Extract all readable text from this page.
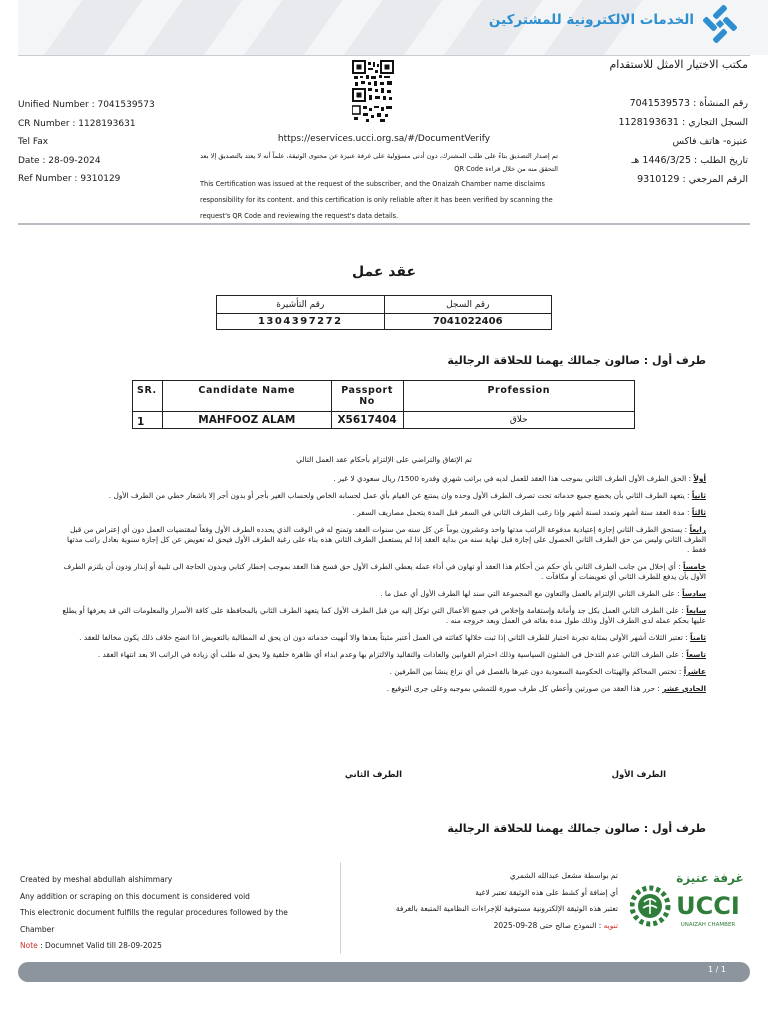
الخدمات الالكترونية للمشتركين
مكتب الاختيار الامثل للاستقدام
https://eservices.ucci.org.sa/#/DocumentVerify
تم إصدار التصديق بناءً على طلب المشترك، دون أدنى مسؤولية على غرفة عنيزة عن محتوى الوثيقة، علماً أنه لا يعتد بالتصديق إلا بعد التحقق منه من خلال قراءة QR Code
This Certification was issued at the request of the subscriber, and the Onaizah Chamber name disclaims responsibility for its content. and this certification is only reliable after it has been verified by scanning the request's QR Code and reviewing the request's data details.
Unified Number : 7041539573
CR Number : 1128193631
Tel Fax
Date : 28-09-2024
Ref Number : 9310129
رقم المنشأة : 7041539573
السجل التجاري : 1128193631
عنيزه- هاتف فاكس
تاريخ الطلب : 1446/3/25 هـ
الرقم المرجعي : 9310129
عقد عمل
رقم التأشيرة	رقم السجل
1304397272	7041022406
طرف أول : صالون جمالك يهمنا للحلاقة الرجالية
SR.	Candidate Name	Passport No	Profession
1	MAHFOOZ ALAM	X5617404	حلاق
تم الإتفاق والتراضي على الإلتزام بأحكام عقد العمل التالي
أولاً : الحق الطرف الأول الطرف الثاني بموجب هذا العقد للعمل لديه في براتب شهري وقدره 1500/ ريال سعودي لا غير .
ثانياً : يتعهد الطرف الثاني بأن يخضع جميع خدماته تحت تصرف الطرف الأول وحده وان يمتنع عن القيام بأي عمل لحسابه الخاص ولحساب الغير بأجر أو بدون أجر إلا باشعار خطي من الطرف الأول .
ثالثاً : مدة العقد سنة أشهر وتمدد لسنة أشهر وإذا رغب الطرف الثاني في السفر قبل المدة يتحمل مصاريف السفر .
رابعاً : يستحق الطرف الثاني إجازة إعتيادية مدفوعة الراتب مدتها واحد وعشرون يوماً عن كل سنه من سنوات العقد وتمنح له في الوقت الذي يحدده الطرف الأول وفقاً لمقتضيات العمل دون أي إعتراض من قبل الطرف الثاني وليس من حق الطرف الثاني الحصول على إجازة قبل نهاية سنه من بداية العقد إذا لم يستعمل الطرف الثاني هذه بناء على رغبة الطرف الأول فيحق له تعويض عن كل إجازة سنوية بعادل راتب مدتها فقط .
خامساً : أي إخلال من جانب الطرف الثاني بأي حكم من أحكام هذا العقد أو تهاون في أداء عمله يعطي الطرف الأول حق فسخ هذا العقد بموجب إخطار كتابي وبدون الحاجة الى تلبية أو إنذار ودون أن يلتزم الطرف الأول بأن يدفع للطرف الثاني أي تعويضات أو مكافآت .
سادساً : على الطرف الثاني الإلتزام بالعمل والتعاون مع المجموعة التي سند لها الطرف الأول أي عمل ما .
سابعاً : على الطرف الثاني العمل بكل جد وأمانة وإستقامة وإخلاص في جميع الأعمال التي توكل إليه من قبل الطرف الأول كما يتعهد الطرف الثاني بالمحافظة على كافة الأسرار والمعلومات التي قد يعرفها أو يطلع عليها بحكم عمله لدى الطرف الأول وذلك طول مدة بقائه في العمل وبعد خروجه منه .
ثامناً : تعتبر الثلاث أشهر الأولى بمثابة تجربة اختبار للطرف الثاني إذا ثبت خلالها كفائته في العمل أعتبر مثبتاً بعدها والا أنهيت خدماته دون ان يحق له المطالبة بالتعويض اذا اتضح خلاف ذلك يكون مخالفا للعقد .
تاسعاً : على الطرف الثاني عدم التدخل في الشئون السياسية وذلك احترام القوانين والعادات والتقاليد والالتزام بها وعدم ابداء أي ظاهرة خلقية ولا يحق له طلب أي زيادة في الراتب الا بعد انتهاء العقد .
عاشراً : تختص المحاكم والهيئات الحكومية السعودية دون غيرها بالفصل في أي نزاع ينشأ بين الطرفين .
الحادي عشر : حرر هذا العقد من صورتين وأعطي كل طرف صورة للتمشي بموجبه وعلى جرى التوقيع .
الطرف الأول
الطرف الثاني
طرف أول : صالون جمالك يهمنا للحلاقة الرجالية
Created by meshal abdullah alshimmary
Any addition or scraping on this document is considered void
This electronic document fulfills the regular procedures followed by the Chamber
Note : Documnet Valid till 28-09-2025
تم بواسطة مشعل عبدالله الشمري
أي إضافة أو كشط على هذه الوثيقة تعتبر لاغية
تعتبر هذه الوثيقة الإلكترونية مستوفية للإجراءات النظامية المتبعة بالغرفة
تنويه : النموذج صالح حتى 28-09-2025
غرفة عنيزة
UCCI
UNAIZAH CHAMBER
1 / 1
